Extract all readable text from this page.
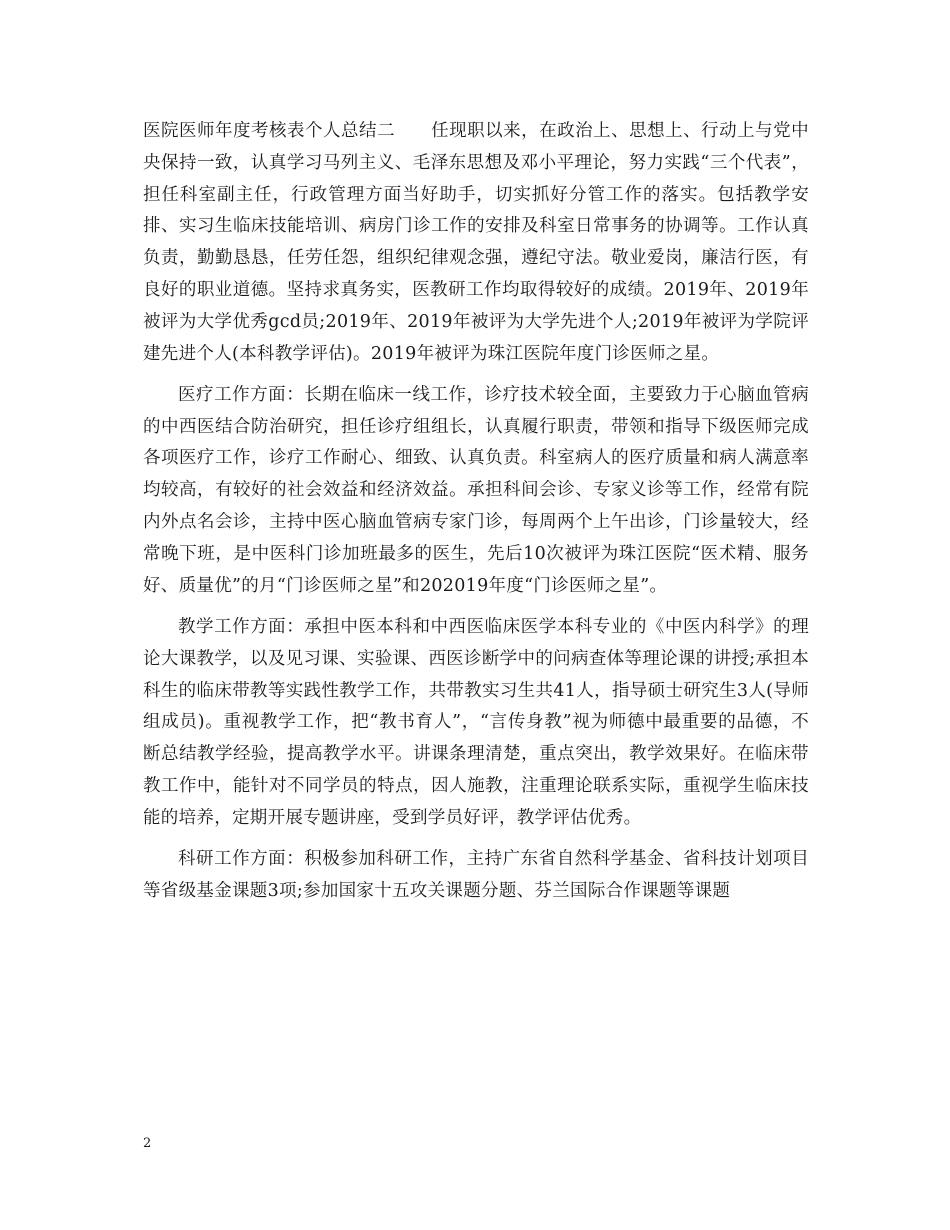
医院医师年度考核表个人总结二　　任现职以来，在政治上、思想上、行动上与党中央保持一致，认真学习马列主义、毛泽东思想及邓小平理论，努力实践“三个代表”，担任科室副主任，行政管理方面当好助手，切实抓好分管工作的落实。包括教学安排、实习生临床技能培训、病房门诊工作的安排及科室日常事务的协调等。工作认真负责，勤勤恳恳，任劳任怨，组织纪律观念强，遵纪守法。敬业爱岗，廉洁行医，有良好的职业道德。坚持求真务实，医教研工作均取得较好的成绩。2019年、2019年被评为大学优秀gcd员;2019年、2019年被评为大学先进个人;2019年被评为学院评建先进个人(本科教学评估)。2019年被评为珠江医院年度门诊医师之星。

医疗工作方面：长期在临床一线工作，诊疗技术较全面，主要致力于心脑血管病的中西医结合防治研究，担任诊疗组组长，认真履行职责，带领和指导下级医师完成各项医疗工作，诊疗工作耐心、细致、认真负责。科室病人的医疗质量和病人满意率均较高，有较好的社会效益和经济效益。承担科间会诊、专家义诊等工作，经常有院内外点名会诊，主持中医心脑血管病专家门诊，每周两个上午出诊，门诊量较大，经常晚下班，是中医科门诊加班最多的医生，先后10次被评为珠江医院“医术精、服务好、质量优”的月“门诊医师之星”和202019年度“门诊医师之星”。

教学工作方面：承担中医本科和中西医临床医学本科专业的《中医内科学》的理论大课教学，以及见习课、实验课、西医诊断学中的问病查体等理论课的讲授;承担本科生的临床带教等实践性教学工作，共带教实习生共41人，指导硕士研究生3人(导师组成员)。重视教学工作，把“教书育人”，“言传身教”视为师德中最重要的品德，不断总结教学经验，提高教学水平。讲课条理清楚，重点突出，教学效果好。在临床带教工作中，能针对不同学员的特点，因人施教，注重理论联系实际，重视学生临床技能的培养，定期开展专题讲座，受到学员好评，教学评估优秀。

科研工作方面：积极参加科研工作，主持广东省自然科学基金、省科技计划项目等省级基金课题3项;参加国家十五攻关课题分题、芬兰国际合作课题等课题

2
